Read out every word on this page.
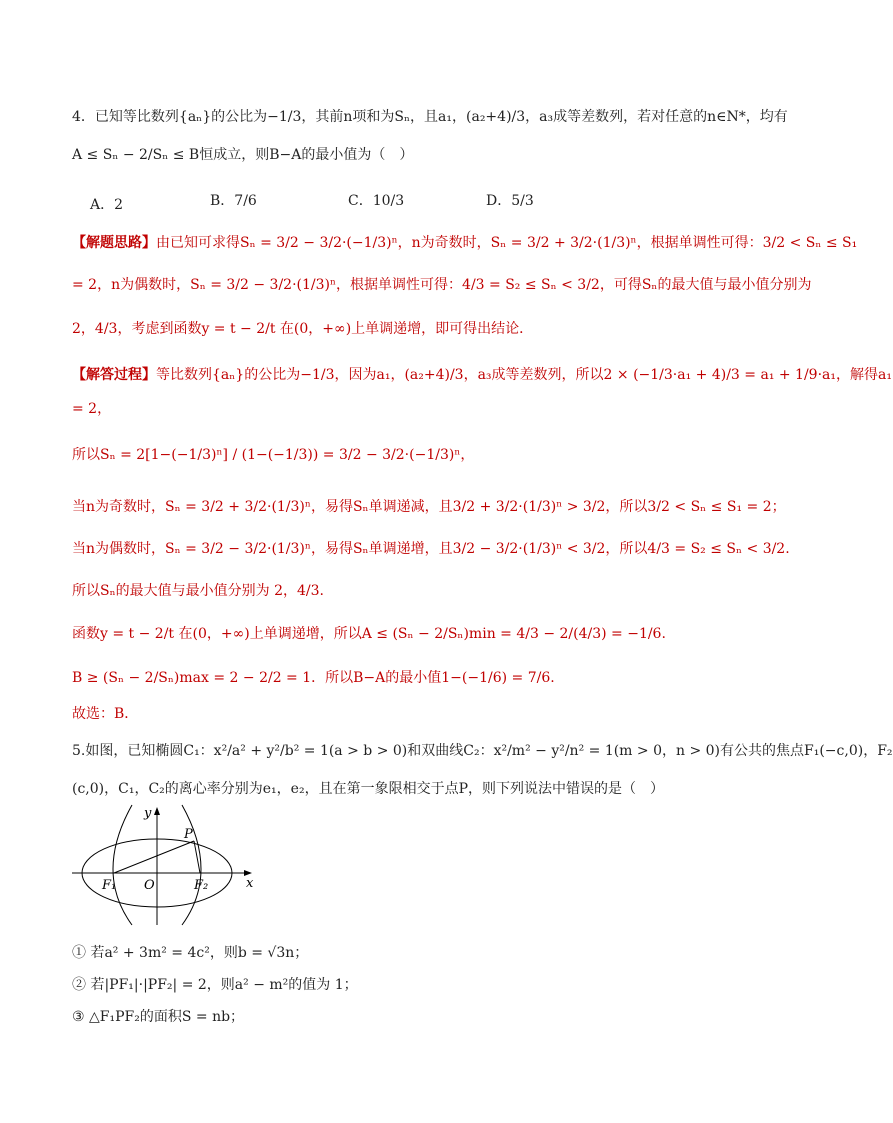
4．已知等比数列{aₙ}的公比为−1/3，其前n项和为Sₙ，且a₁，(a₂+4)/3，a₃成等差数列，若对任意的n∈N*，均有
A ≤ Sₙ − 2/Sₙ ≤ B恒成立，则B−A的最小值为（　）
A．2	B．7/6	C．10/3	D．5/3
【解题思路】由已知可求得Sₙ = 3/2 − 3/2·(−1/3)ⁿ，n为奇数时，Sₙ = 3/2 + 3/2·(1/3)ⁿ，根据单调性可得：3/2 < Sₙ ≤ S₁
= 2，n为偶数时，Sₙ = 3/2 − 3/2·(1/3)ⁿ，根据单调性可得：4/3 = S₂ ≤ Sₙ < 3/2，可得Sₙ的最大值与最小值分别为
2，4/3，考虑到函数y = t − 2/t 在(0，+∞)上单调递增，即可得出结论．
【解答过程】等比数列{aₙ}的公比为−1/3，因为a₁，(a₂+4)/3，a₃成等差数列，所以2 × (−1/3·a₁ + 4)/3 = a₁ + 1/9·a₁，解得a₁
= 2，
所以Sₙ = 2[1−(−1/3)ⁿ] / (1−(−1/3)) = 3/2 − 3/2·(−1/3)ⁿ，
当n为奇数时，Sₙ = 3/2 + 3/2·(1/3)ⁿ，易得Sₙ单调递减，且3/2 + 3/2·(1/3)ⁿ > 3/2，所以3/2 < Sₙ ≤ S₁ = 2；
当n为偶数时，Sₙ = 3/2 − 3/2·(1/3)ⁿ，易得Sₙ单调递增，且3/2 − 3/2·(1/3)ⁿ < 3/2，所以4/3 = S₂ ≤ Sₙ < 3/2.
所以Sₙ的最大值与最小值分别为 2，4/3.
函数y = t − 2/t 在(0，+∞)上单调递增，所以A ≤ (Sₙ − 2/Sₙ)min = 4/3 − 2/(4/3) = −1/6.
B ≥ (Sₙ − 2/Sₙ)max = 2 − 2/2 = 1．所以B−A的最小值1−(−1/6) = 7/6.
故选：B．
5.如图，已知椭圆C₁：x²/a² + y²/b² = 1(a > b > 0)和双曲线C₂：x²/m² − y²/n² = 1(m > 0，n > 0)有公共的焦点F₁(−c,0)，F₂
(c,0)，C₁，C₂的离心率分别为e₁，e₂，且在第一象限相交于点P，则下列说法中错误的是（　）
y
x
P
F₁ O	F₂
① 若a² + 3m² = 4c²，则b = √3n；
② 若|PF₁|·|PF₂| = 2，则a² − m²的值为 1；
③ △F₁PF₂的面积S = nb；
